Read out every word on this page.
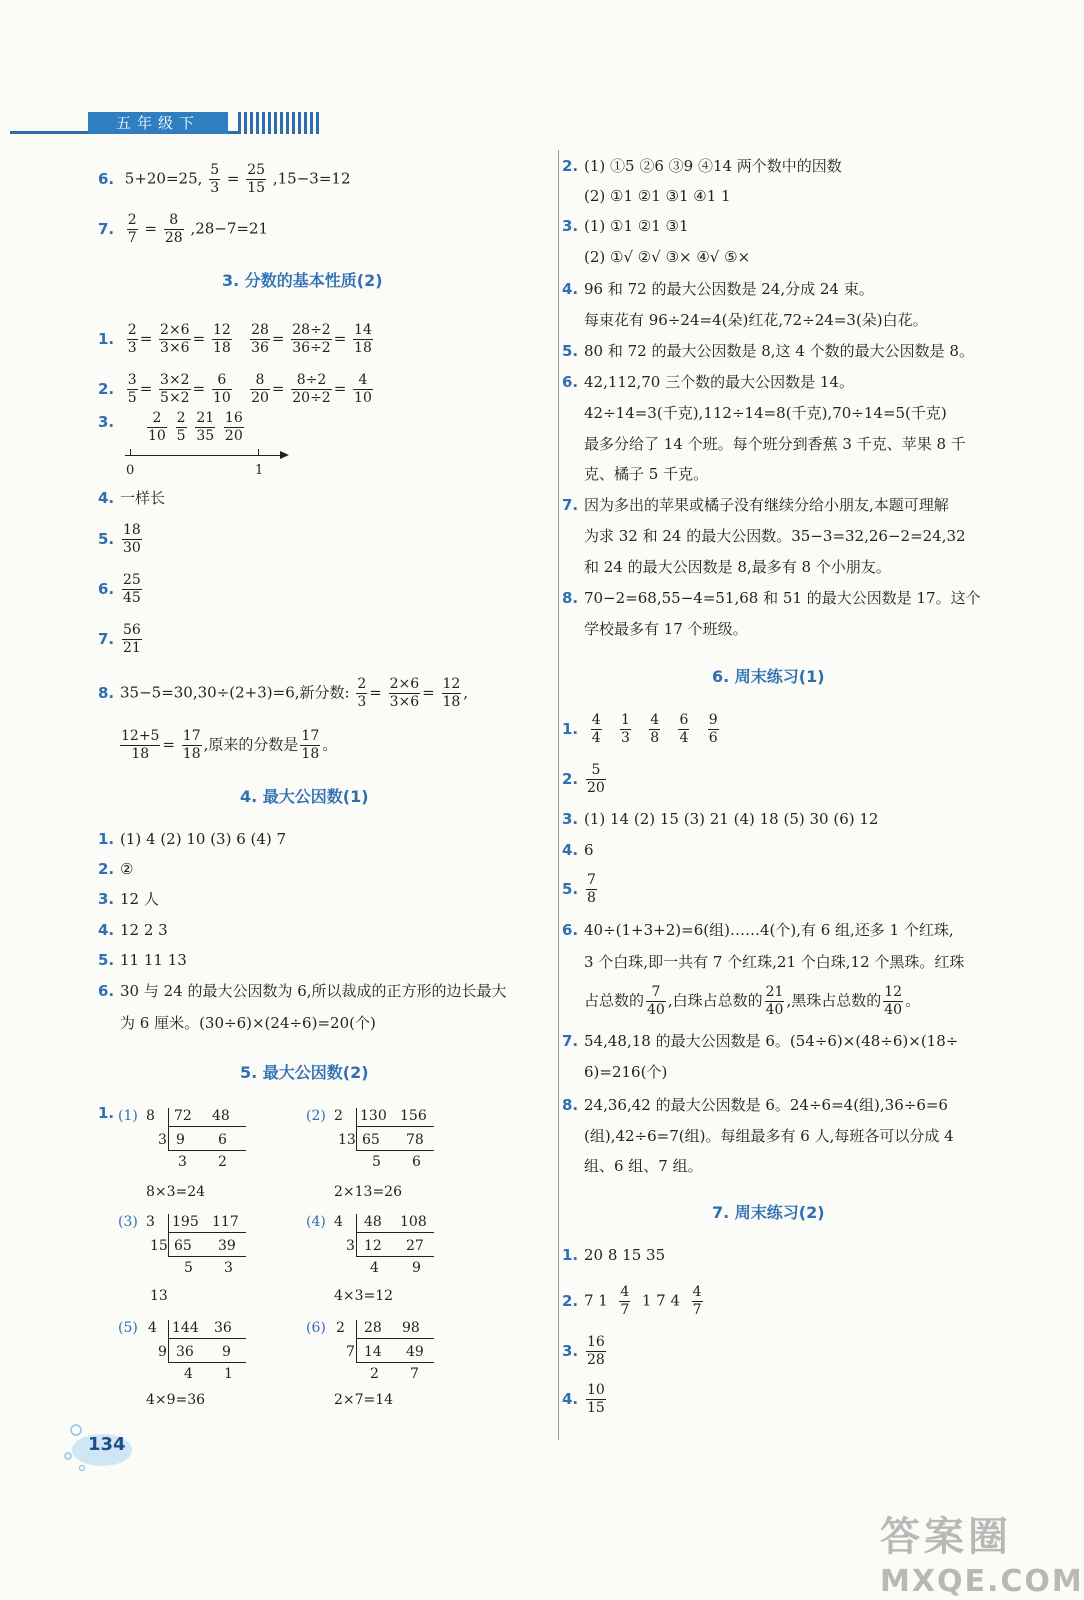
五年级下
6. 5+20=25, $\frac{5}{3} = \frac{25}{15} ,15-3=12$
7. $\frac{2}{7} = \frac{8}{28} ,28-7=21$
3. 分数的基本性质(2)
1. $\frac{2}{3} = \frac{2\times 6}{3\times 6} = \frac{12}{18}$
$\frac{28}{36} = \frac{28\div 2}{36\div 2} = \frac{14}{18}$
2. $\frac{3}{5} = \frac{3\times 2}{5\times 2} = \frac{6}{10}$
$\frac{8}{20} = \frac{8\div 2}{20\div 2} = \frac{4}{10}$
3.	$\frac{2}{10}$
$\frac{2}{5}$
$\frac{21}{35}$
$\frac{16}{20}$
0	1
4. 一样长
5. $\frac{18}{30}$
6. $\frac{25}{45}$
7. $\frac{56}{21}$
8. 35−5=30,30÷(2+3)=6,新分数: $\frac{2}{3} = \frac{2\times 6}{3\times 6} = \frac{12}{18}$ ,
$\frac{12+5}{18} = \frac{17}{18}$ ,原来的分数是 $\frac{17}{18}$ 。
4. 最大公因数(1)
1. (1) 4 (2) 10 (3) 6 (4) 7
2. ②
3. 12 人
4. 12 2 3
5. 11 11 13
6. 30 与 24 的最大公因数为 6,所以裁成的正方形的边长最大
为 6 厘米。(30÷6)×(24÷6)=20(个)
5. 最大公因数(2)
1. (1) 8
3
72 48
9 6
3 2
8×3=24
(2) 2
13
130 156
65 78
5 6
2×13=26
(3) 3
15
195 117
65 39
5 3
13
(4) 4
3
48 108
12 27
4 9
4×3=12
(5) 4
9
144 36
36 9
4 1
4×9=36
(6) 2
7
28 98
14 49
2 7
2×7=14
134
2. (1) ①5 ②6 ③9 ④14 两个数中的因数
(2) ①1 ②1 ③1 ④1 1
3. (1) ①1 ②1 ③1
(2) ①√ ②√ ③× ④√ ⑤×
4. 96 和 72 的最大公因数是 24,分成 24 束。
每束花有 96÷24=4(朵)红花,72÷24=3(朵)白花。
5. 80 和 72 的最大公因数是 8,这 4 个数的最大公因数是 8。
6. 42,112,70 三个数的最大公因数是 14。
42÷14=3(千克),112÷14=8(千克),70÷14=5(千克)
最多分给了 14 个班。每个班分到香蕉 3 千克、苹果 8 千
克、橘子 5 千克。
7. 因为多出的苹果或橘子没有继续分给小朋友,本题可理解
为求 32 和 24 的最大公因数。35−3=32,26−2=24,32
和 24 的最大公因数是 8,最多有 8 个小朋友。
8. 70−2=68,55−4=51,68 和 51 的最大公因数是 17。这个
学校最多有 17 个班级。
6. 周末练习(1)
1. $\frac{4}{4}$
$\frac{1}{3}$
$\frac{4}{8}$
$\frac{6}{4}$
$\frac{9}{6}$
2. $\frac{5}{20}$
3. (1) 14 (2) 15 (3) 21 (4) 18 (5) 30 (6) 12
4. 6
5. $\frac{7}{8}$
6. 40÷(1+3+2)=6(组)……4(个),有 6 组,还多 1 个红珠,
3 个白珠,即一共有 7 个红珠,21 个白珠,12 个黑珠。红珠
占总数的 $\frac{7}{40}$ ,白珠占总数的 $\frac{21}{40}$ ,黑珠占总数的 $\frac{12}{40}$ 。
7. 54,48,18 的最大公因数是 6。(54÷6)×(48÷6)×(18÷
6)=216(个)
8. 24,36,42 的最大公因数是 6。24÷6=4(组),36÷6=6
(组),42÷6=7(组)。每组最多有 6 人,每班各可以分成 4
组、6 组、7 组。
7. 周末练习(2)
1. 20 8 15 35
2. 7 $1 \frac{4}{7} 1$ 7 $4 \frac{4}{7}$
3. $\frac{16}{28}$
4. $\frac{10}{15}$
答案圈
MXQE.COM
